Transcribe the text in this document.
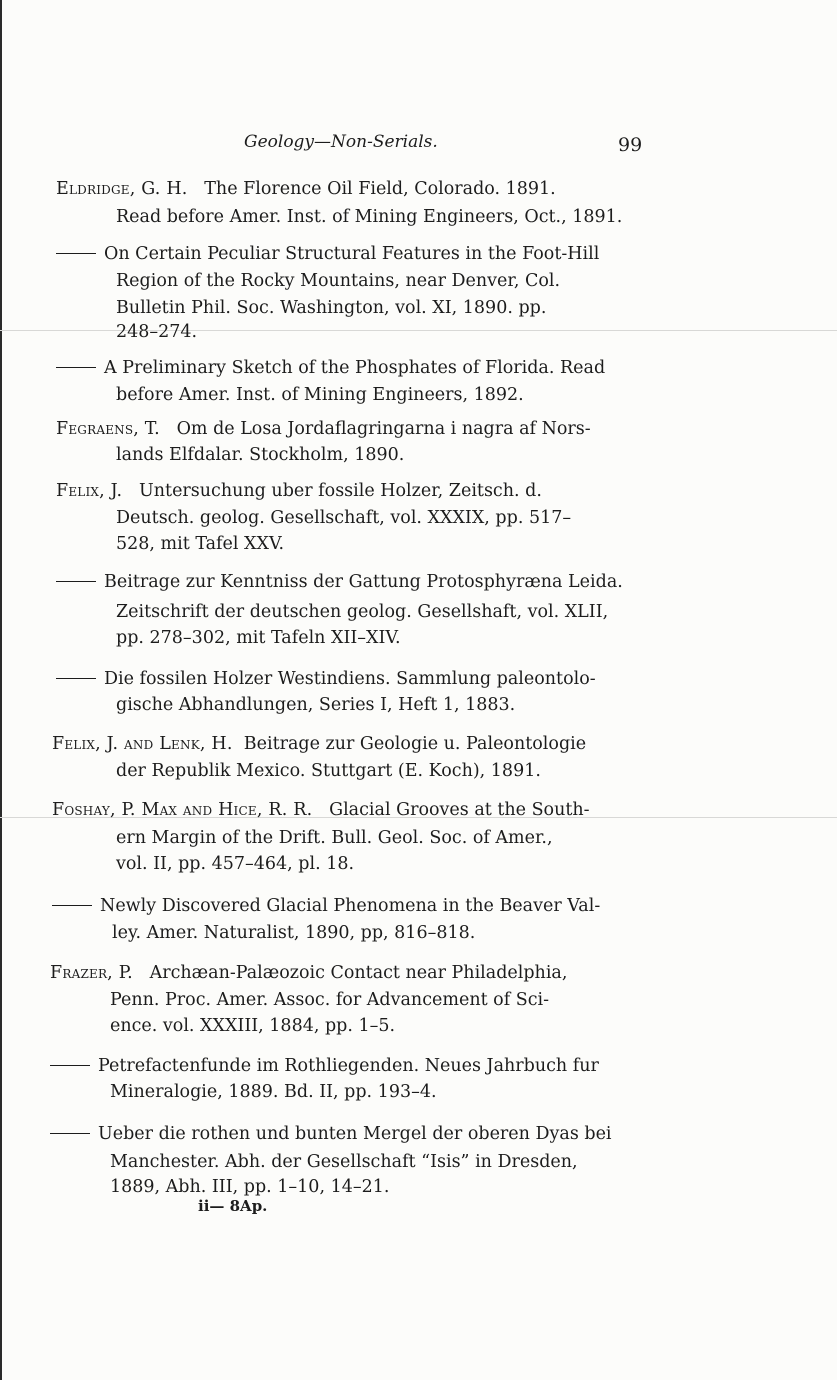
Geology—Non-Serials.	99
Eldridge, G. H. The Florence Oil Field, Colorado. 1891.
Read before Amer. Inst. of Mining Engineers, Oct., 1891.
On Certain Peculiar Structural Features in the Foot-Hill
Region of the Rocky Mountains, near Denver, Col.
Bulletin Phil. Soc. Washington, vol. XI, 1890. pp.
248–274.
A Preliminary Sketch of the Phosphates of Florida. Read
before Amer. Inst. of Mining Engineers, 1892.
Fegraens, T. Om de Losa Jordaflagringarna i nagra af Nors-
lands Elfdalar. Stockholm, 1890.
Felix, J. Untersuchung uber fossile Holzer, Zeitsch. d.
Deutsch. geolog. Gesellschaft, vol. XXXIX, pp. 517–
528, mit Tafel XXV.
Beitrage zur Kenntniss der Gattung Protosphyræna Leida.
Zeitschrift der deutschen geolog. Gesellshaft, vol. XLII,
pp. 278–302, mit Tafeln XII–XIV.
Die fossilen Holzer Westindiens. Sammlung paleontolo-
gische Abhandlungen, Series I, Heft 1, 1883.
Felix, J. and Lenk, H. Beitrage zur Geologie u. Paleontologie
der Republik Mexico. Stuttgart (E. Koch), 1891.
Foshay, P. Max and Hice, R. R. Glacial Grooves at the South-
ern Margin of the Drift. Bull. Geol. Soc. of Amer.,
vol. II, pp. 457–464, pl. 18.
Newly Discovered Glacial Phenomena in the Beaver Val-
ley. Amer. Naturalist, 1890, pp, 816–818.
Frazer, P. Archæan-Palæozoic Contact near Philadelphia,
Penn. Proc. Amer. Assoc. for Advancement of Sci-
ence. vol. XXXIII, 1884, pp. 1–5.
Petrefactenfunde im Rothliegenden. Neues Jahrbuch fur
Mineralogie, 1889. Bd. II, pp. 193–4.
Ueber die rothen und bunten Mergel der oberen Dyas bei
Manchester. Abh. der Gesellschaft “Isis” in Dresden,
1889, Abh. III, pp. 1–10, 14–21.
ii— 8Ap.
